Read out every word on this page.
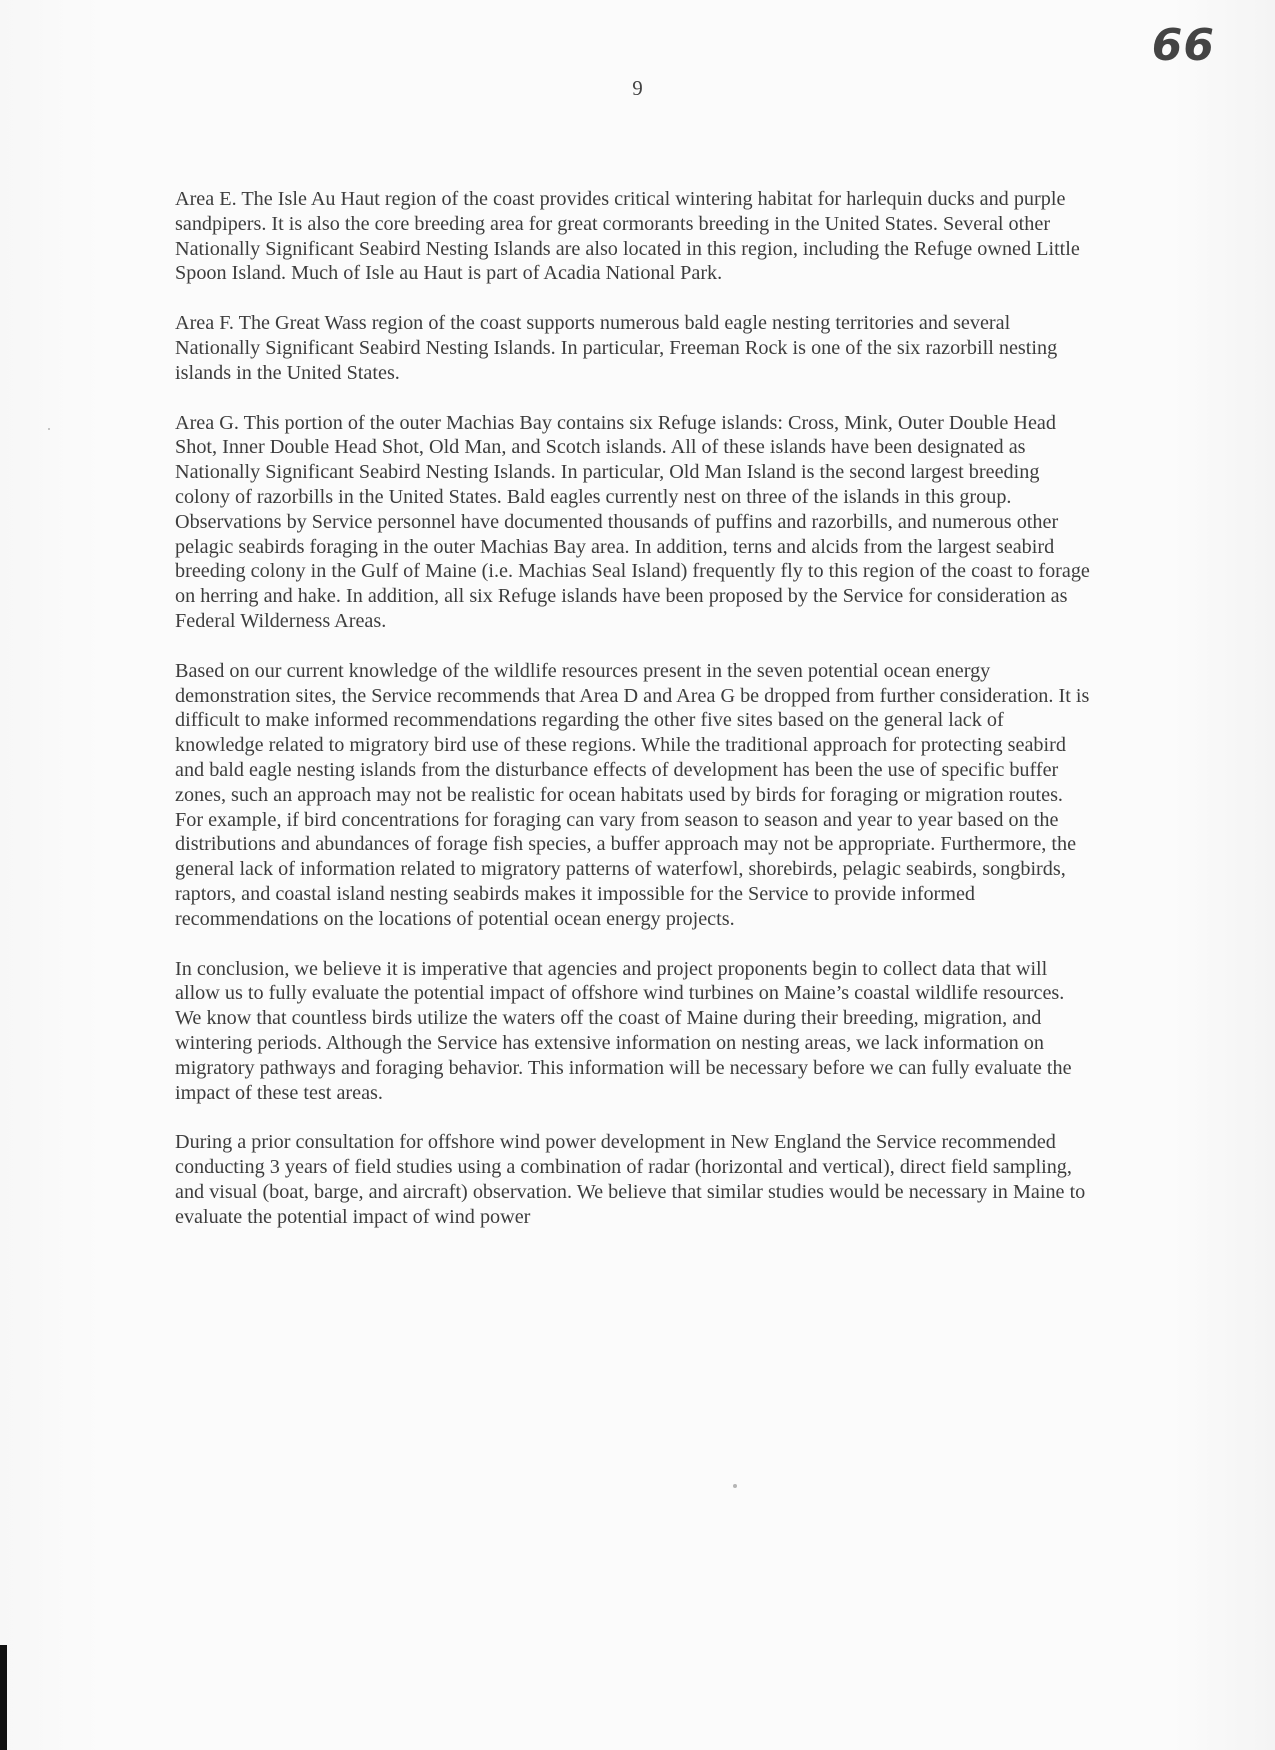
66
9

Area E. The Isle Au Haut region of the coast provides critical wintering habitat for harlequin ducks and purple sandpipers. It is also the core breeding area for great cormorants breeding in the United States. Several other Nationally Significant Seabird Nesting Islands are also located in this region, including the Refuge owned Little Spoon Island. Much of Isle au Haut is part of Acadia National Park.

Area F. The Great Wass region of the coast supports numerous bald eagle nesting territories and several Nationally Significant Seabird Nesting Islands. In particular, Freeman Rock is one of the six razorbill nesting islands in the United States.

Area G. This portion of the outer Machias Bay contains six Refuge islands: Cross, Mink, Outer Double Head Shot, Inner Double Head Shot, Old Man, and Scotch islands. All of these islands have been designated as Nationally Significant Seabird Nesting Islands. In particular, Old Man Island is the second largest breeding colony of razorbills in the United States. Bald eagles currently nest on three of the islands in this group. Observations by Service personnel have documented thousands of puffins and razorbills, and numerous other pelagic seabirds foraging in the outer Machias Bay area. In addition, terns and alcids from the largest seabird breeding colony in the Gulf of Maine (i.e. Machias Seal Island) frequently fly to this region of the coast to forage on herring and hake. In addition, all six Refuge islands have been proposed by the Service for consideration as Federal Wilderness Areas.

Based on our current knowledge of the wildlife resources present in the seven potential ocean energy demonstration sites, the Service recommends that Area D and Area G be dropped from further consideration. It is difficult to make informed recommendations regarding the other five sites based on the general lack of knowledge related to migratory bird use of these regions. While the traditional approach for protecting seabird and bald eagle nesting islands from the disturbance effects of development has been the use of specific buffer zones, such an approach may not be realistic for ocean habitats used by birds for foraging or migration routes. For example, if bird concentrations for foraging can vary from season to season and year to year based on the distributions and abundances of forage fish species, a buffer approach may not be appropriate. Furthermore, the general lack of information related to migratory patterns of waterfowl, shorebirds, pelagic seabirds, songbirds, raptors, and coastal island nesting seabirds makes it impossible for the Service to provide informed recommendations on the locations of potential ocean energy projects.

In conclusion, we believe it is imperative that agencies and project proponents begin to collect data that will allow us to fully evaluate the potential impact of offshore wind turbines on Maine’s coastal wildlife resources. We know that countless birds utilize the waters off the coast of Maine during their breeding, migration, and wintering periods. Although the Service has extensive information on nesting areas, we lack information on migratory pathways and foraging behavior. This information will be necessary before we can fully evaluate the impact of these test areas.

During a prior consultation for offshore wind power development in New England the Service recommended conducting 3 years of field studies using a combination of radar (horizontal and vertical), direct field sampling, and visual (boat, barge, and aircraft) observation. We believe that similar studies would be necessary in Maine to evaluate the potential impact of wind power
